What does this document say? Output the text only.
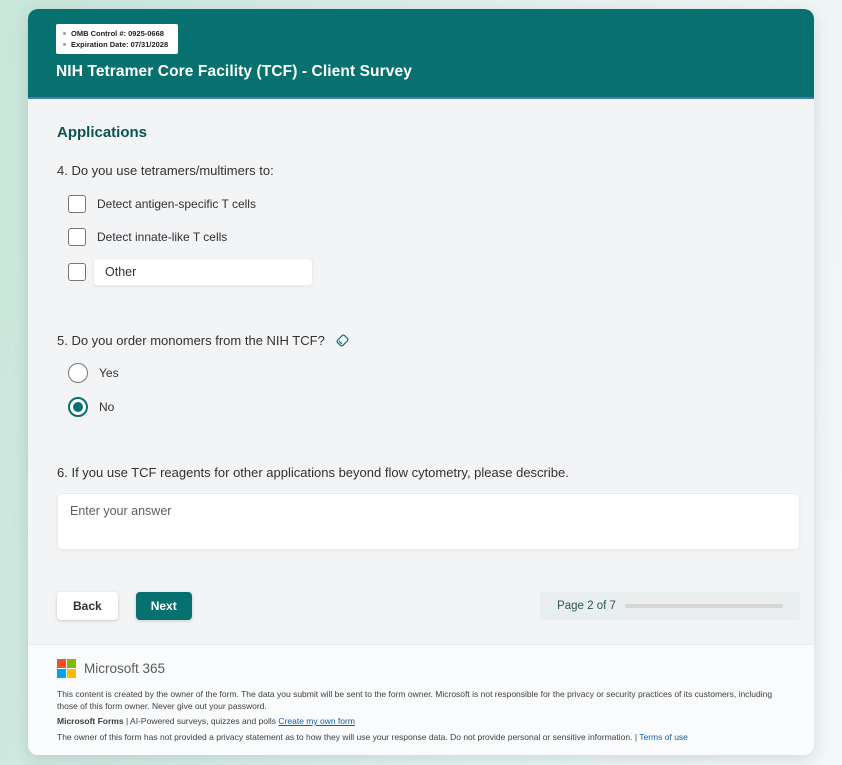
OMB Control #: 0925-0668
Expiration Date: 07/31/2028
NIH Tetramer Core Facility (TCF) - Client Survey
Applications
4. Do you use tetramers/multimers to:
Detect antigen-specific T cells
Detect innate-like T cells
Other
5. Do you order monomers from the NIH TCF?
Yes
No
6. If you use TCF reagents for other applications beyond flow cytometry, please describe.
Enter your answer
Back	Next	Page 2 of 7
Microsoft 365
This content is created by the owner of the form. The data you submit will be sent to the form owner. Microsoft is not responsible for the privacy or security practices of its customers, including those of this form owner. Never give out your password.
Microsoft Forms | AI-Powered surveys, quizzes and polls Create my own form
The owner of this form has not provided a privacy statement as to how they will use your response data. Do not provide personal or sensitive information. | Terms of use
